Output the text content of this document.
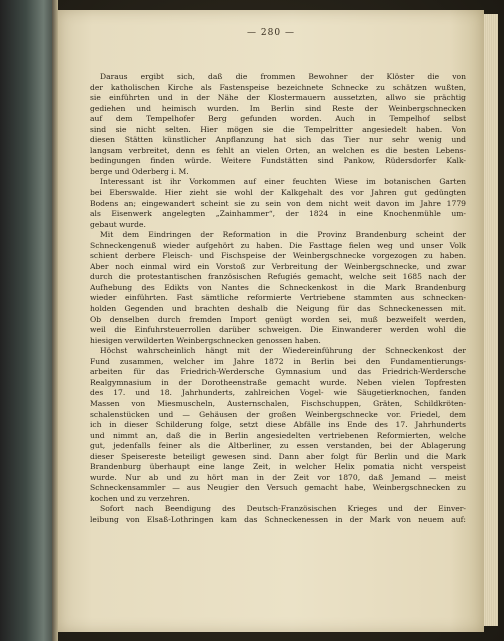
— 280 —
Daraus ergibt sich, daß die frommen Bewohner der Klöster die von
der katholischen Kirche als Fastenspeise bezeichnete Schnecke zu schätzen wußten,
sie einführten und in der Nähe der Klostermauern aussetzten, allwo sie prächtig
gediehen und heimisch wurden. Im Berlin sind Reste der Weinbergschnecken
auf dem Tempelhofer Berg gefunden worden. Auch in Tempelhof selbst
sind sie nicht selten. Hier mögen sie die Tempelritter angesiedelt haben. Von
diesen Stätten künstlicher Anpflanzung hat sich das Tier nur sehr wenig und
langsam verbreitet, denn es fehlt an vielen Orten, an welchen es die besten Lebens-
bedingungen finden würde. Weitere Fundstätten sind Pankow, Rüdersdorfer Kalk-
berge und Oderberg i. M.
Interessant ist ihr Vorkommen auf einer feuchten Wiese im botanischen Garten
bei Eberswalde. Hier zieht sie wohl der Kalkgehalt des vor Jahren gut gedüngten
Bodens an; eingewandert scheint sie zu sein von dem nicht weit davon im Jahre 1779
als Eisenwerk angelegten „Zainhammer“, der 1824 in eine Knochenmühle um-
gebaut wurde.
Mit dem Eindringen der Reformation in die Provinz Brandenburg scheint der
Schneckengenuß wieder aufgehört zu haben. Die Fasttage fielen weg und unser Volk
schient derbere Fleisch- und Fischspeise der Weinbergschnecke vorgezogen zu haben.
Aber noch einmal wird ein Vorstoß zur Verbreitung der Weinbergschnecke, und zwar
durch die protestantischen französischen Refugiés gemacht, welche seit 1685 nach der
Aufhebung des Edikts von Nantes die Schneckenkost in die Mark Brandenburg
wieder einführten. Fast sämtliche reformierte Vertriebene stammten aus schnecken-
holden Gegenden und brachten deshalb die Neigung für das Schneckenessen mit.
Ob denselben durch fremden Import genügt worden sei, muß bezweifelt werden,
weil die Einfuhrsteuerrollen darüber schweigen. Die Einwanderer werden wohl die
hiesigen verwilderten Weinbergschnecken genossen haben.
Höchst wahrscheinlich hängt mit der Wiedereinführung der Schneckenkost der
Fund zusammen, welcher im Jahre 1872 in Berlin bei den Fundamentierungs-
arbeiten für das Friedrich-Werdersche Gymnasium und das Friedrich-Werdersche
Realgymnasium in der Dorotheenstraße gemacht wurde. Neben vielen Topfresten
des 17. und 18. Jahrhunderts, zahlreichen Vogel- wie Säugetierknochen, fanden
Massen von Miesmuscheln, Austernschalen, Fischschuppen, Gräten, Schildkröten-
schalenstücken und — Gehäusen der großen Weinbergschnecke vor. Friedel, dem
ich in dieser Schilderung folge, setzt diese Abfälle ins Ende des 17. Jahrhunderts
und nimmt an, daß die in Berlin angesiedelten vertriebenen Reformierten, welche
gut, jedenfalls feiner als die Altberliner, zu essen verstanden, bei der Ablagerung
dieser Speisereste beteiligt gewesen sind. Dann aber folgt für Berlin und die Mark
Brandenburg überhaupt eine lange Zeit, in welcher Helix pomatia nicht verspeist
wurde. Nur ab und zu hört man in der Zeit vor 1870, daß Jemand — meist
Schneckensammler — aus Neugier den Versuch gemacht habe, Weinbergschnecken zu
kochen und zu verzehren.
Sofort nach Beendigung des Deutsch-Französischen Krieges und der Einver-
leibung von Elsaß-Lothringen kam das Schneckenessen in der Mark von neuem auf:
